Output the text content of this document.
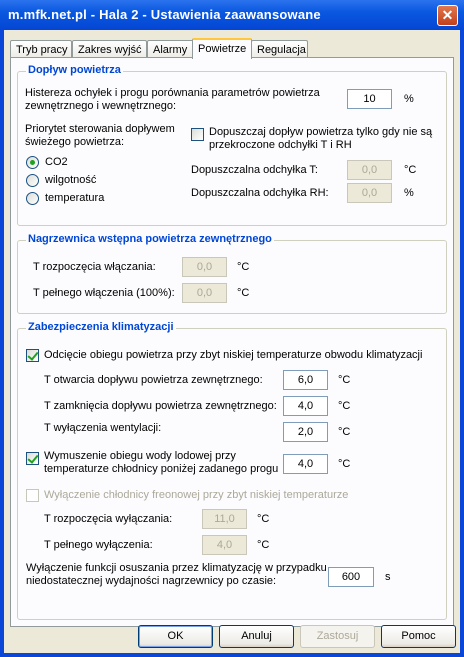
m.mfk.net.pl - Hala 2 - Ustawienia zaawansowane	✕
Tryb pracy Zakres wyjść	Alarmy Powietrze Regulacja
Dopływ powietrza
Histereza ochyłek i progu porównania parametrów powietrza
zewnętrznego i wewnętrznego:
10	%
Priorytet sterowania dopływem
świeżego powietrza:
CO2
wilgotność
temperatura
Dopuszczaj dopływ powietrza tylko gdy nie są
przekroczone odchyłki T i RH
Dopuszczalna odchyłka T:	0,0	°C
Dopuszczalna odchyłka RH:	0,0	%
Nagrzewnica wstępna powietrza zewnętrznego
T rozpoczęcia włączania:	0,0	°C
T pełnego włączenia (100%):	0,0	°C
Zabezpieczenia klimatyzacji
Odcięcie obiegu powietrza przy zbyt niskiej temperaturze obwodu klimatyzacji
T otwarcia dopływu powietrza zewnętrznego:	6,0	°C
T zamknięcia dopływu powietrza zewnętrznego:	4,0	°C
T wyłączenia wentylacji:	2,0	°C
Wymuszenie obiegu wody lodowej przy
temperaturze chłodnicy poniżej zadanego progu	4,0	°C
Wyłączenie chłodnicy freonowej przy zbyt niskiej temperaturze
T rozpoczęcia wyłączania:	11,0	°C
T pełnego wyłączenia:	4,0	°C
Wyłączenie funkcji osuszania przez klimatyzację w przypadku
niedostatecznej wydajności nagrzewnicy po czasie:	600	s
OK	Anuluj	Zastosuj	Pomoc
